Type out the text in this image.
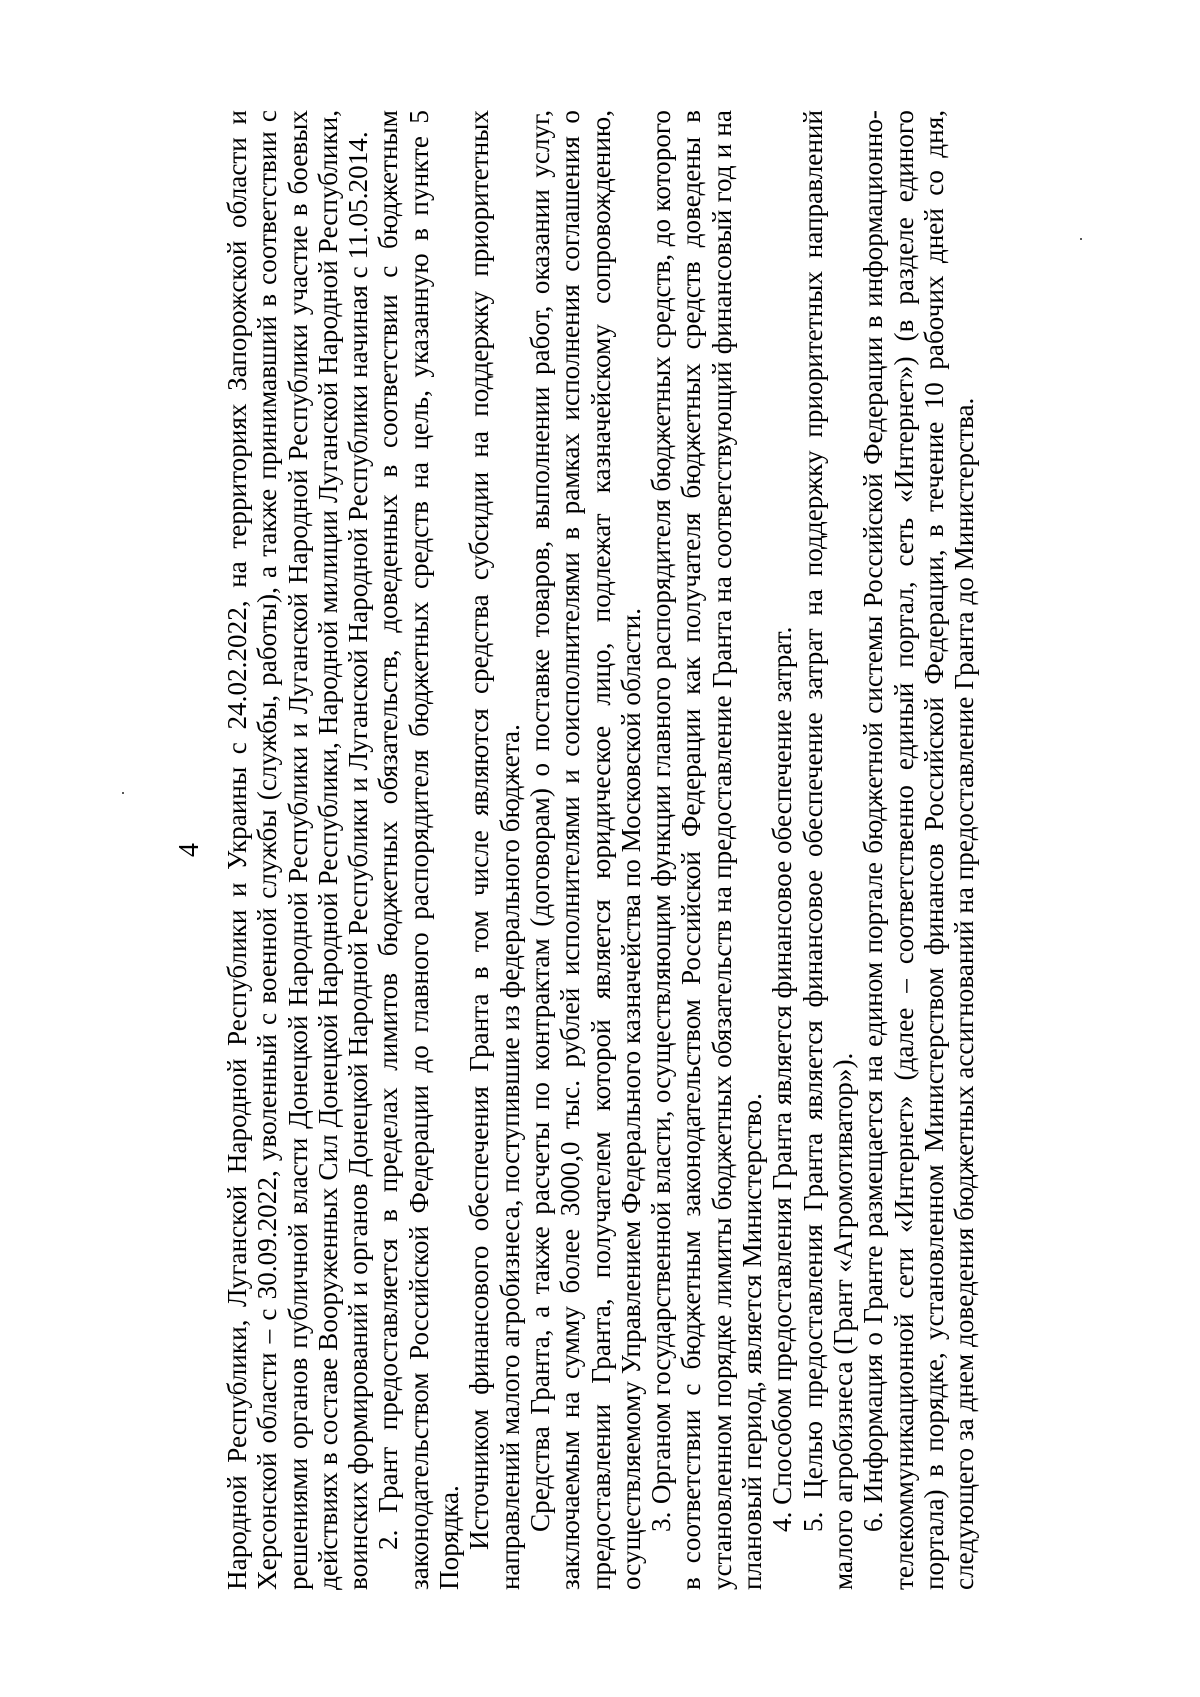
4 Народной Республики, Луганской Народной Республики и Украины с 24.02.2022, на территориях Запорожской области и Херсонской области – с 30.09.2022, уволенный с военной службы (службы, работы), а также принимавший в соответствии с решениями органов публичной власти Донецкой Народной Республики и Луганской Народной Республики участие в боевых действиях в составе Вооруженных Сил Донецкой Народной Республики, Народной милиции Луганской Народной Республики, воинских формирований и органов Донецкой Народной Республики и Луганской Народной Республики начиная с 11.05.2014. 2. Грант предоставляется в пределах лимитов бюджетных обязательств, доведенных в соответствии с бюджетным законодательством Российской Федерации до главного распорядителя бюджетных средств на цель, указанную в пункте 5 Порядка. Источником финансового обеспечения Гранта в том числе являются средства субсидии на поддержку приоритетных направлений малого агробизнеса, поступившие из федерального бюджета. Средства Гранта, а также расчеты по контрактам (договорам) о поставке товаров, выполнении работ, оказании услуг, заключаемым на сумму более 3000,0 тыс. рублей исполнителями и соисполнителями в рамках исполнения соглашения о предоставлении Гранта, получателем которой является юридическое лицо, подлежат казначейскому сопровождению, осуществляемому Управлением Федерального казначейства по Московской области. 3. Органом государственной власти, осуществляющим функции главного распорядителя бюджетных средств, до которого в соответствии с бюджетным законодательством Российской Федерации как получателя бюджетных средств доведены в установленном порядке лимиты бюджетных обязательств на предоставление Гранта на соответствующий финансовый год и на плановый период, является Министерство. 4. Способом предоставления Гранта является финансовое обеспечение затрат. 5. Целью предоставления Гранта является финансовое обеспечение затрат на поддержку приоритетных направлений малого агробизнеса (Грант «Агромотиватор»). 6. Информация о Гранте размещается на едином портале бюджетной системы Российской Федерации в информационно-телекоммуникационной сети «Интернет» (далее – соответственно единый портал, сеть «Интернет») (в разделе единого портала) в порядке, установленном Министерством финансов Российской Федерации, в течение 10 рабочих дней со дня, следующего за днем доведения бюджетных ассигнований на предоставление Гранта до Министерства.
